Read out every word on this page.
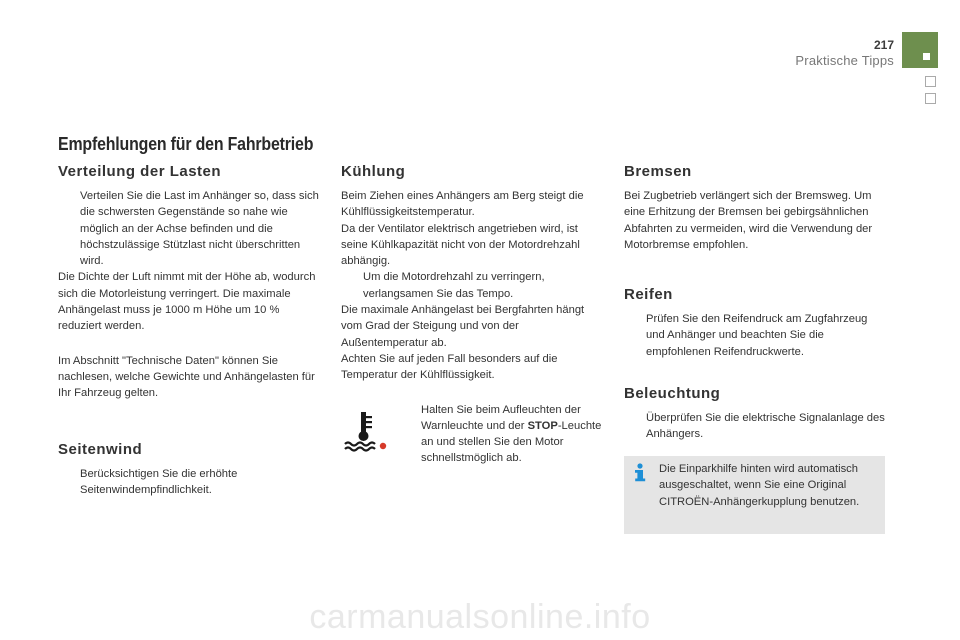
217
Praktische Tipps
Empfehlungen für den Fahrbetrieb
Verteilung der Lasten
Verteilen Sie die Last im Anhänger so, dass sich die schwersten Gegenstände so nahe wie möglich an der Achse befinden und die höchstzulässige Stützlast nicht überschritten wird.

Die Dichte der Luft nimmt mit der Höhe ab, wodurch sich die Motorleistung verringert. Die maximale Anhängelast muss je 1000 m Höhe um 10 % reduziert werden.

Im Abschnitt "Technische Daten" können Sie nachlesen, welche Gewichte und Anhängelasten für Ihr Fahrzeug gelten.

Seitenwind
Berücksichtigen Sie die erhöhte Seitenwindempfindlichkeit.
Kühlung

Beim Ziehen eines Anhängers am Berg steigt die Kühlflüssigkeitstemperatur.

Da der Ventilator elektrisch angetrieben wird, ist seine Kühlkapazität nicht von der Motordrehzahl abhängig.

Um die Motordrehzahl zu verringern, verlangsamen Sie das Tempo.

Die maximale Anhängelast bei Bergfahrten hängt vom Grad der Steigung und von der Außentemperatur ab.

Achten Sie auf jeden Fall besonders auf die Temperatur der Kühlflüssigkeit.

Halten Sie beim Aufleuchten der Warnleuchte und der STOP-Leuchte an und stellen Sie den Motor schnellstmöglich ab.
Bremsen

Bei Zugbetrieb verlängert sich der Bremsweg. Um eine Erhitzung der Bremsen bei gebirgsähnlichen Abfahrten zu vermeiden, wird die Verwendung der Motorbremse empfohlen.

Reifen
Prüfen Sie den Reifendruck am Zugfahrzeug und Anhänger und beachten Sie die empfohlenen Reifendruckwerte.
Beleuchtung
Überprüfen Sie die elektrische Signalanlage des Anhängers.
Die Einparkhilfe hinten wird automatisch ausgeschaltet, wenn Sie eine Original CITROËN-Anhängerkupplung benutzen.
carmanualsonline.info
